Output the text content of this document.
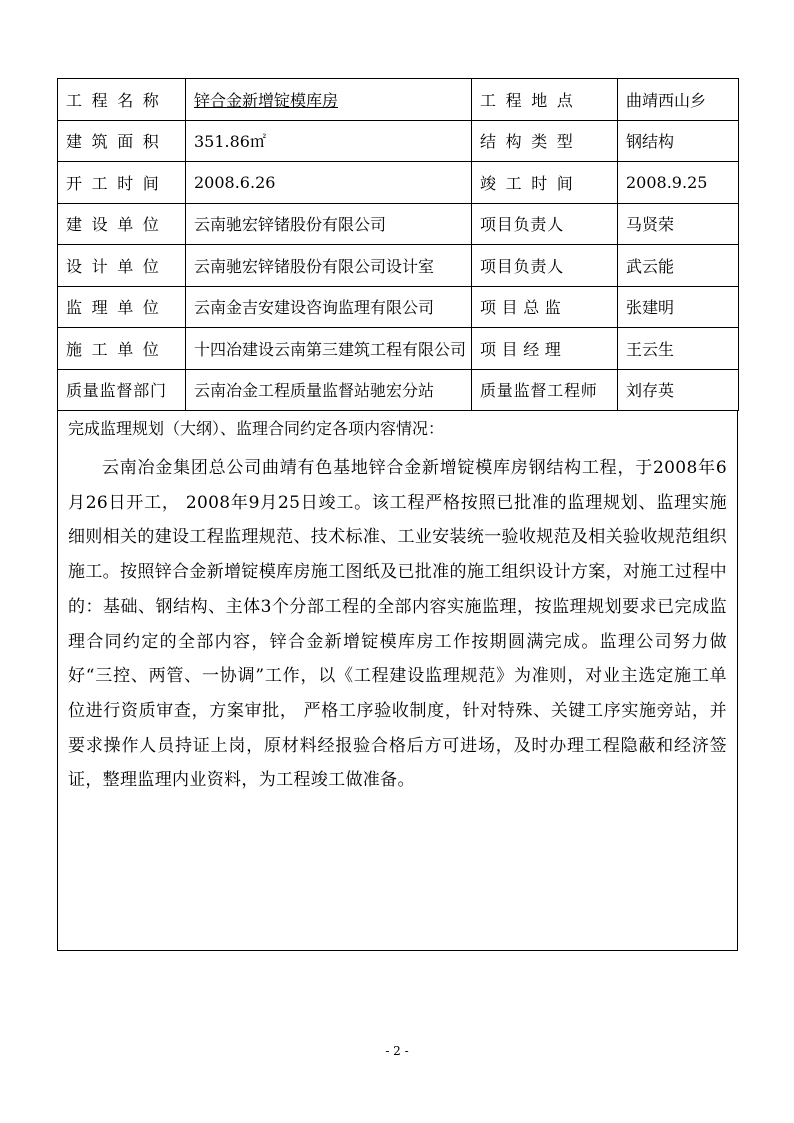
工程名称	锌合金新增锭模库房	工程地点	曲靖西山乡
建筑面积	351.86㎡	结构类型	钢结构
开工时间	2008.6.26	竣工时间	2008.9.25
建设单位	云南驰宏锌锗股份有限公司	项目负责人	马贤荣
设计单位	云南驰宏锌锗股份有限公司设计室	项目负责人	武云能
监理单位	云南金吉安建设咨询监理有限公司	项目总监	张建明
施工单位	十四冶建设云南第三建筑工程有限公司	项目经理	王云生
质量监督部门	云南冶金工程质量监督站驰宏分站	质量监督工程师	刘存英
完成监理规划（大纲）、监理合同约定各项内容情况：

云南冶金集团总公司曲靖有色基地锌合金新增锭模库房钢结构工程，于2008年6月26日开工， 2008年9月25日竣工。该工程严格按照已批准的监理规划、监理实施细则相关的建设工程监理规范、技术标准、工业安装统一验收规范及相关验收规范组织施工。按照锌合金新增锭模库房施工图纸及已批准的施工组织设计方案，对施工过程中的：基础、钢结构、主体3个分部工程的全部内容实施监理，按监理规划要求已完成监理合同约定的全部内容，锌合金新增锭模库房工作按期圆满完成。监理公司努力做好“三控、两管、一协调”工作，以《工程建设监理规范》为准则，对业主选定施工单位进行资质审查，方案审批， 严格工序验收制度，针对特殊、关键工序实施旁站，并要求操作人员持证上岗，原材料经报验合格后方可进场，及时办理工程隐蔽和经济签证，整理监理内业资料，为工程竣工做准备。

- 2 -
